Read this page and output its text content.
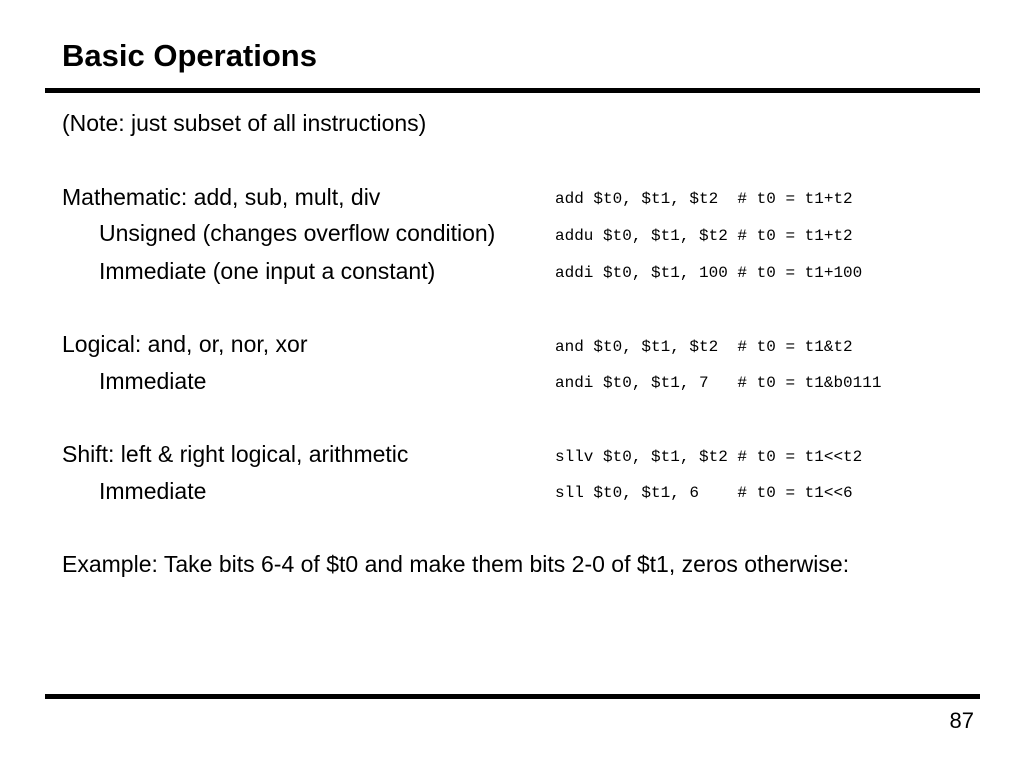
Basic Operations
(Note: just subset of all instructions)
Mathematic: add, sub, mult, div	add $t0, $t1, $t2  # t0 = t1+t2
Unsigned (changes overflow condition)	addu $t0, $t1, $t2 # t0 = t1+t2
Immediate (one input a constant)	addi $t0, $t1, 100 # t0 = t1+100
Logical: and, or, nor, xor	and $t0, $t1, $t2  # t0 = t1&t2
Immediate	andi $t0, $t1, 7   # t0 = t1&b0111
Shift: left & right logical, arithmetic	sllv $t0, $t1, $t2 # t0 = t1<<t2
Immediate	sll $t0, $t1, 6    # t0 = t1<<6
Example: Take bits 6-4 of $t0 and make them bits 2-0 of $t1, zeros otherwise:
87
